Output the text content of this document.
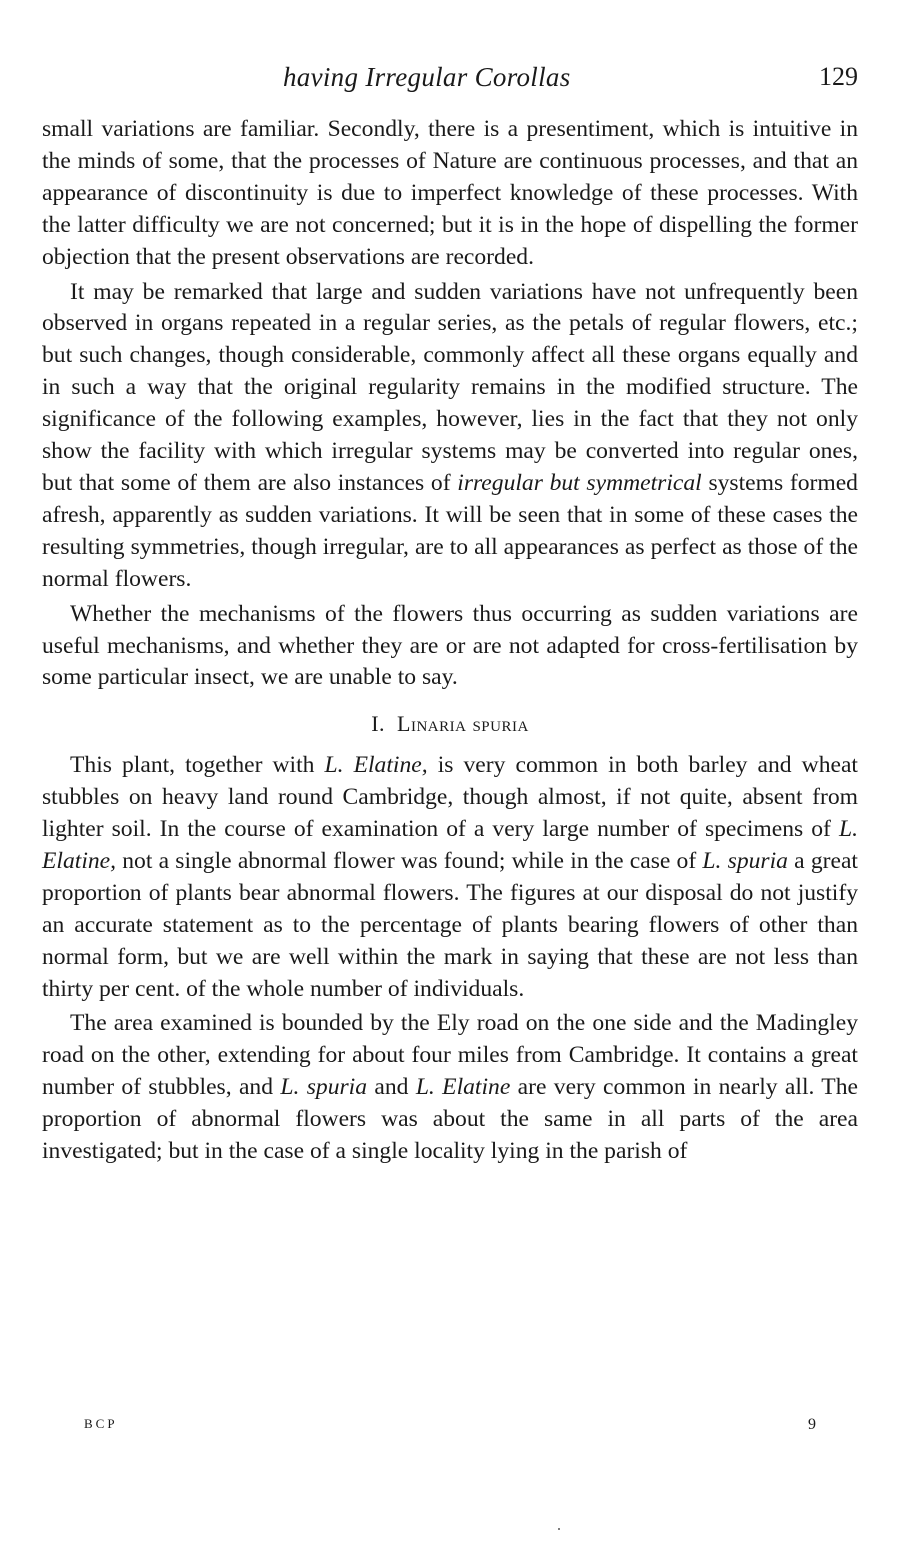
having Irregular Corollas	129

small variations are familiar. Secondly, there is a presentiment, which is intuitive in the minds of some, that the processes of Nature are continuous processes, and that an appearance of discontinuity is due to imperfect knowledge of these processes. With the latter difficulty we are not concerned; but it is in the hope of dispelling the former objection that the present observations are recorded.

It may be remarked that large and sudden variations have not unfrequently been observed in organs repeated in a regular series, as the petals of regular flowers, etc.; but such changes, though considerable, commonly affect all these organs equally and in such a way that the original regularity remains in the modified structure. The significance of the following examples, however, lies in the fact that they not only show the facility with which irregular systems may be converted into regular ones, but that some of them are also instances of irregular but symmetrical systems formed afresh, apparently as sudden variations. It will be seen that in some of these cases the resulting symmetries, though irregular, are to all appearances as perfect as those of the normal flowers.

Whether the mechanisms of the flowers thus occurring as sudden variations are useful mechanisms, and whether they are or are not adapted for cross-fertilisation by some particular insect, we are unable to say.

I. Linaria spuria

This plant, together with L. Elatine, is very common in both barley and wheat stubbles on heavy land round Cambridge, though almost, if not quite, absent from lighter soil. In the course of examination of a very large number of specimens of L. Elatine, not a single abnormal flower was found; while in the case of L. spuria a great proportion of plants bear abnormal flowers. The figures at our disposal do not justify an accurate statement as to the percentage of plants bearing flowers of other than normal form, but we are well within the mark in saying that these are not less than thirty per cent. of the whole number of individuals.

The area examined is bounded by the Ely road on the one side and the Madingley road on the other, extending for about four miles from Cambridge. It contains a great number of stubbles, and L. spuria and L. Elatine are very common in nearly all. The proportion of abnormal flowers was about the same in all parts of the area investigated; but in the case of a single locality lying in the parish of

BCP	9
